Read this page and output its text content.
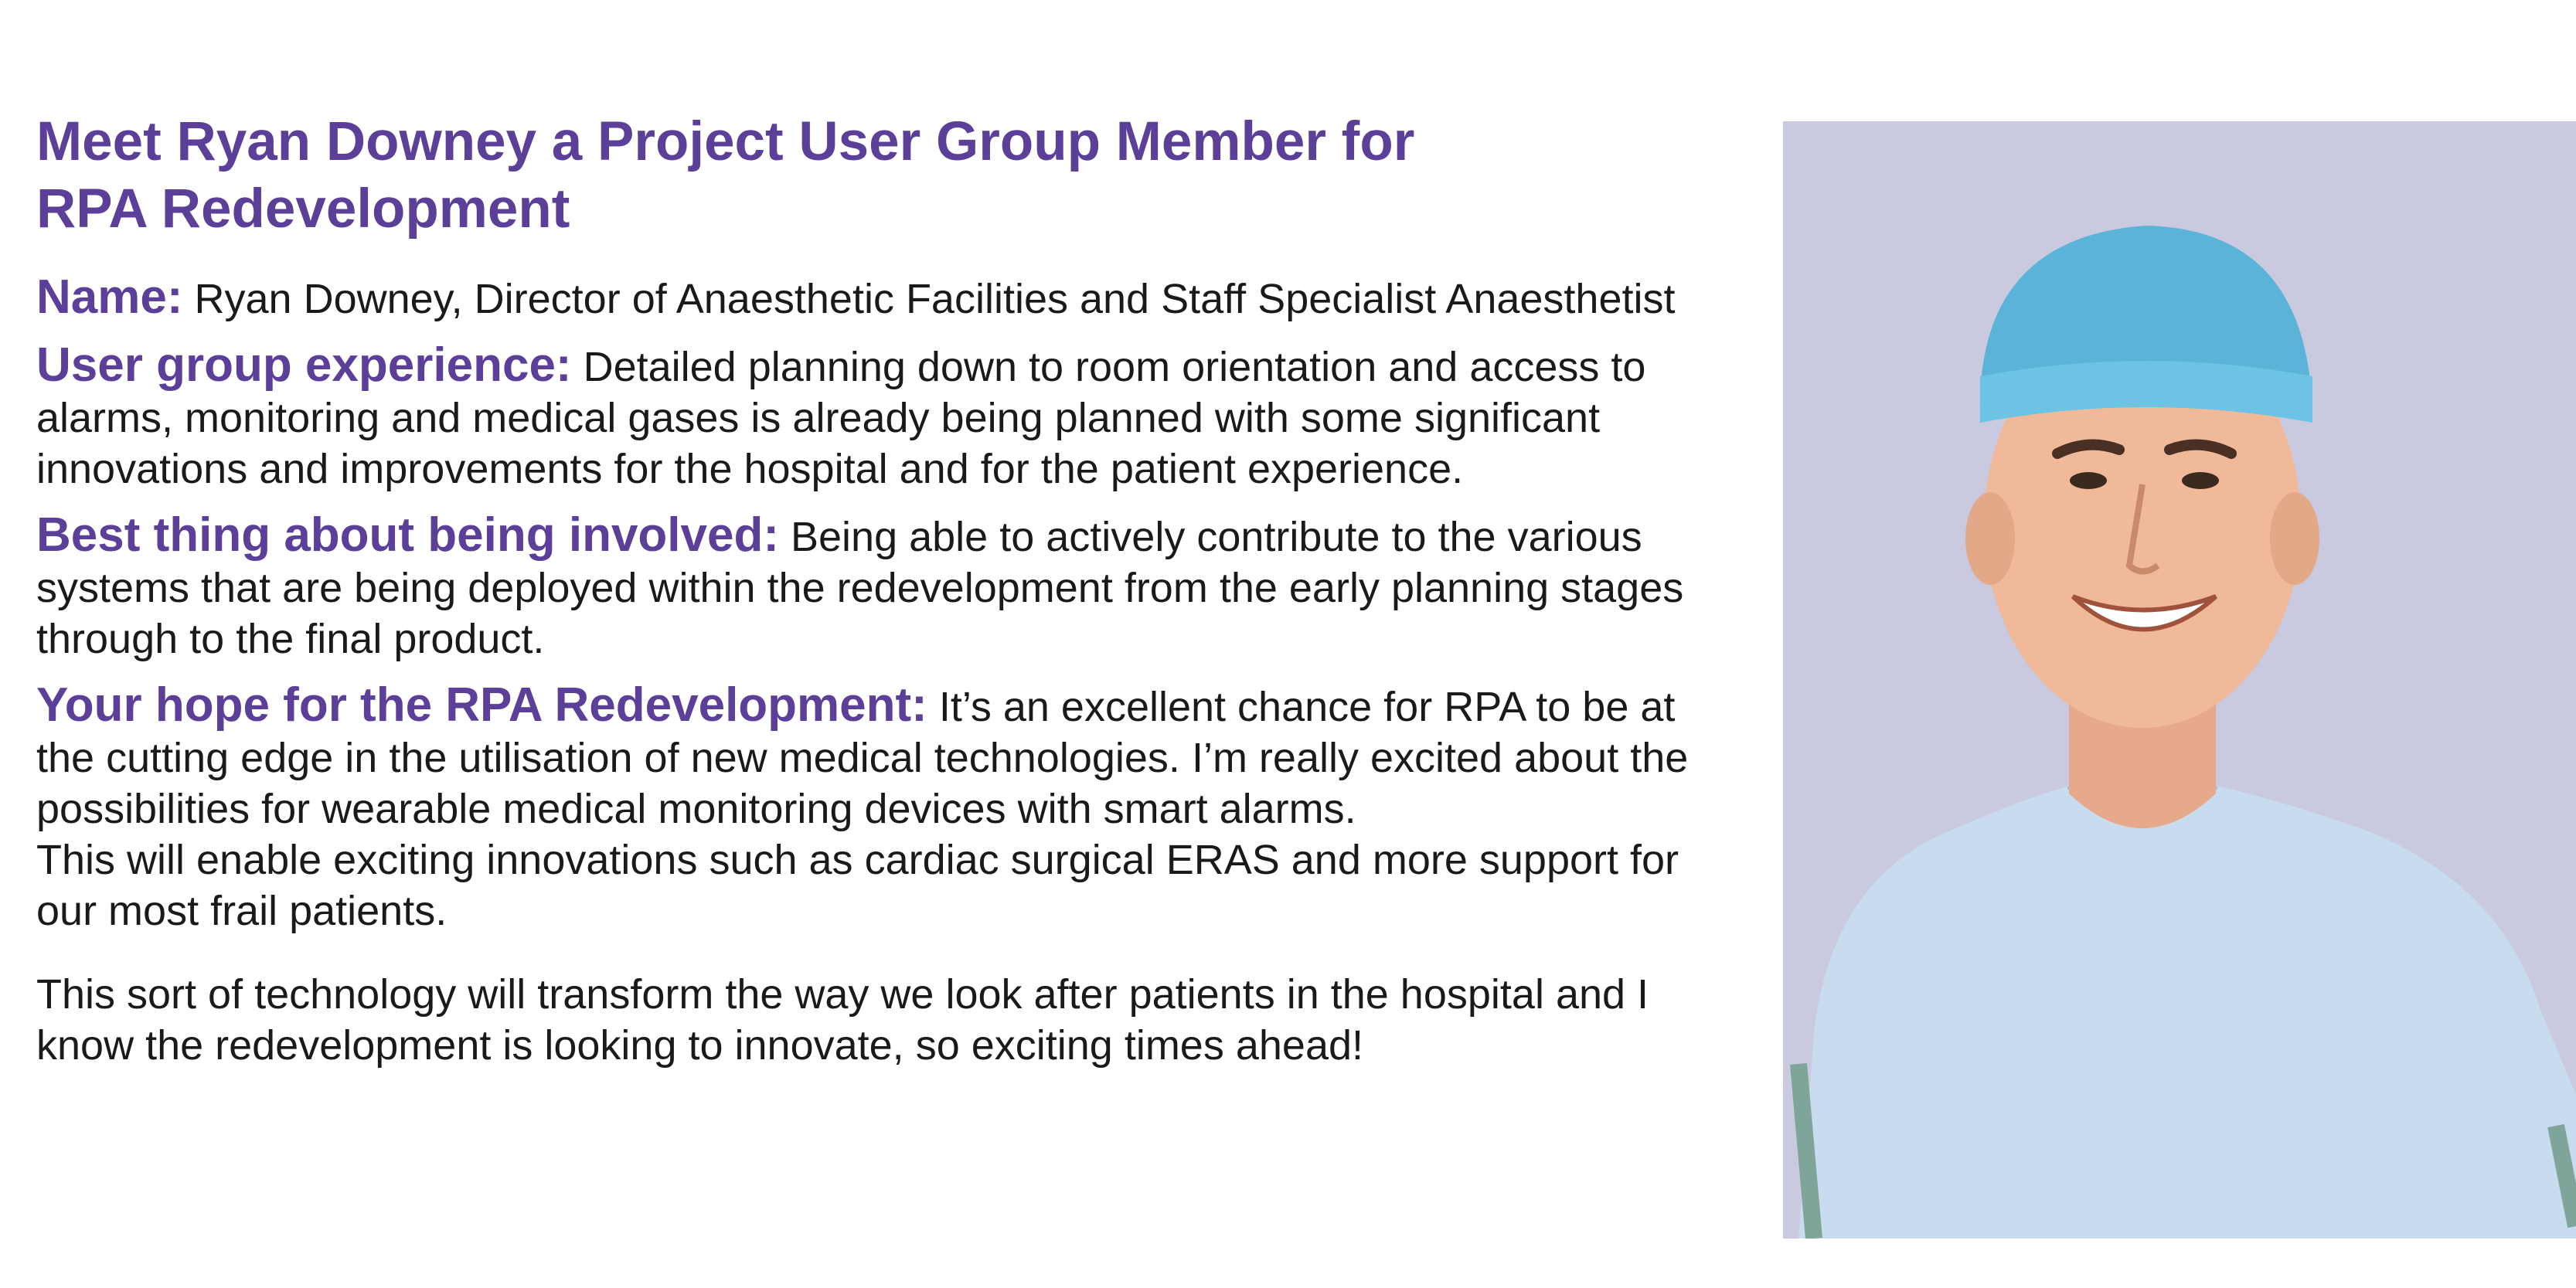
Meet Ryan Downey a Project User Group Member for
RPA Redevelopment

Name: Ryan Downey, Director of Anaesthetic Facilities and Staff Specialist Anaesthetist

User group experience: Detailed planning down to room orientation and access to alarms, monitoring and medical gases is already being planned with some significant innovations and improvements for the hospital and for the patient experience.

Best thing about being involved: Being able to actively contribute to the various systems that are being deployed within the redevelopment from the early planning stages through to the final product.

Your hope for the RPA Redevelopment: It’s an excellent chance for RPA to be at the cutting edge in the utilisation of new medical technologies. I’m really excited about the possibilities for wearable medical monitoring devices with smart alarms.

This will enable exciting innovations such as cardiac surgical ERAS and more support for our most frail patients.

This sort of technology will transform the way we look after patients in the hospital and I know the redevelopment is looking to innovate, so exciting times ahead!
